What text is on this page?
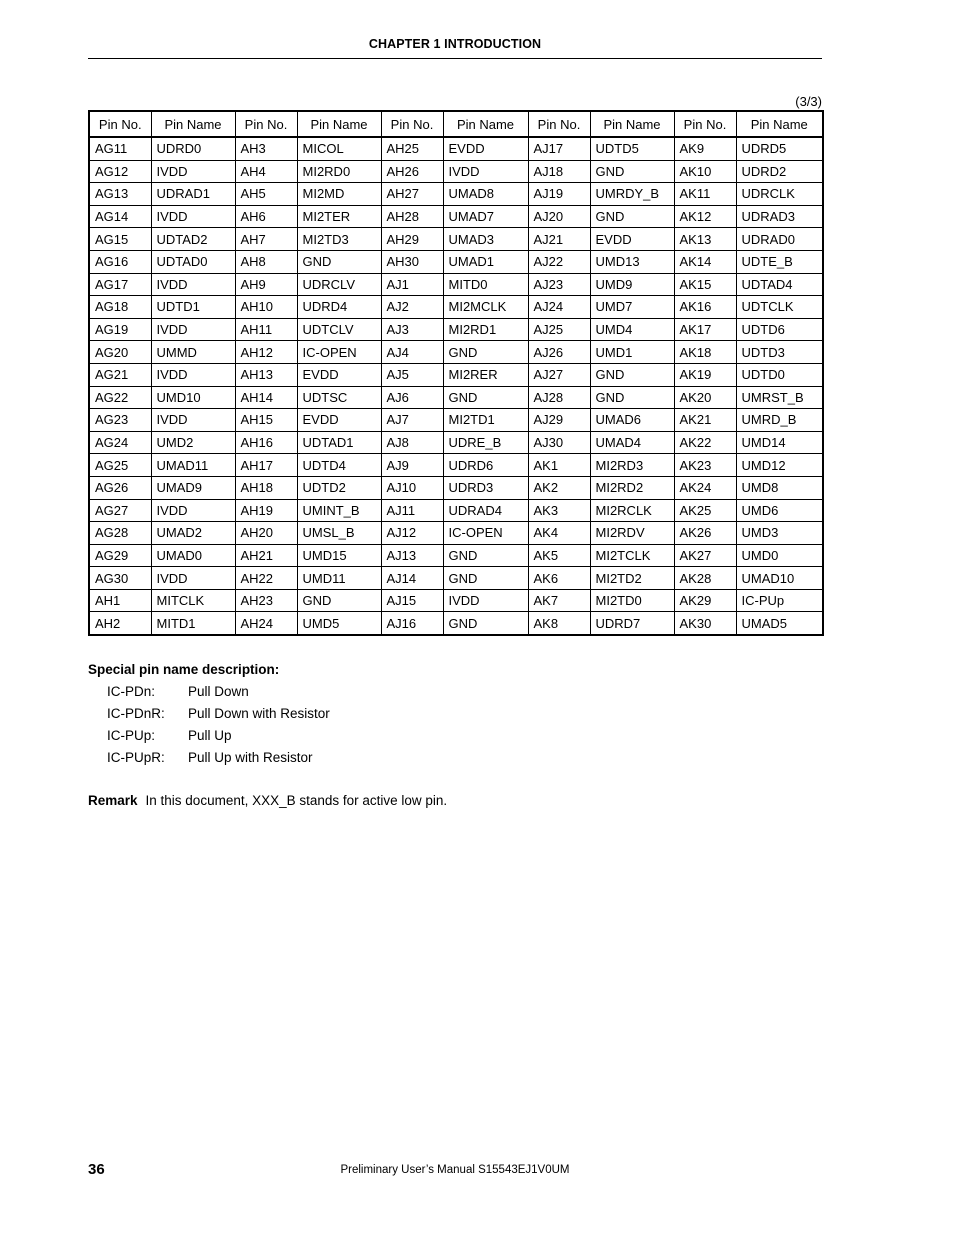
CHAPTER 1 INTRODUCTION
(3/3)
Pin No.	Pin Name	Pin No.	Pin Name	Pin No.	Pin Name	Pin No.	Pin Name	Pin No.	Pin Name
AG11	UDRD0	AH3	MICOL	AH25	EVDD	AJ17	UDTD5	AK9	UDRD5
AG12	IVDD	AH4	MI2RD0	AH26	IVDD	AJ18	GND	AK10	UDRD2
AG13	UDRAD1	AH5	MI2MD	AH27	UMAD8	AJ19	UMRDY_B	AK11	UDRCLK
AG14	IVDD	AH6	MI2TER	AH28	UMAD7	AJ20	GND	AK12	UDRAD3
AG15	UDTAD2	AH7	MI2TD3	AH29	UMAD3	AJ21	EVDD	AK13	UDRAD0
AG16	UDTAD0	AH8	GND	AH30	UMAD1	AJ22	UMD13	AK14	UDTE_B
AG17	IVDD	AH9	UDRCLV	AJ1	MITD0	AJ23	UMD9	AK15	UDTAD4
AG18	UDTD1	AH10	UDRD4	AJ2	MI2MCLK	AJ24	UMD7	AK16	UDTCLK
AG19	IVDD	AH11	UDTCLV	AJ3	MI2RD1	AJ25	UMD4	AK17	UDTD6
AG20	UMMD	AH12	IC-OPEN	AJ4	GND	AJ26	UMD1	AK18	UDTD3
AG21	IVDD	AH13	EVDD	AJ5	MI2RER	AJ27	GND	AK19	UDTD0
AG22	UMD10	AH14	UDTSC	AJ6	GND	AJ28	GND	AK20	UMRST_B
AG23	IVDD	AH15	EVDD	AJ7	MI2TD1	AJ29	UMAD6	AK21	UMRD_B
AG24	UMD2	AH16	UDTAD1	AJ8	UDRE_B	AJ30	UMAD4	AK22	UMD14
AG25	UMAD11	AH17	UDTD4	AJ9	UDRD6	AK1	MI2RD3	AK23	UMD12
AG26	UMAD9	AH18	UDTD2	AJ10	UDRD3	AK2	MI2RD2	AK24	UMD8
AG27	IVDD	AH19	UMINT_B	AJ11	UDRAD4	AK3	MI2RCLK	AK25	UMD6
AG28	UMAD2	AH20	UMSL_B	AJ12	IC-OPEN	AK4	MI2RDV	AK26	UMD3
AG29	UMAD0	AH21	UMD15	AJ13	GND	AK5	MI2TCLK	AK27	UMD0
AG30	IVDD	AH22	UMD11	AJ14	GND	AK6	MI2TD2	AK28	UMAD10
AH1	MITCLK	AH23	GND	AJ15	IVDD	AK7	MI2TD0	AK29	IC-PUp
AH2	MITD1	AH24	UMD5	AJ16	GND	AK8	UDRD7	AK30	UMAD5
Special pin name description:
IC-PDn:	Pull Down
IC-PDnR:	Pull Down with Resistor
IC-PUp:	Pull Up
IC-PUpR:	Pull Up with Resistor
Remark In this document, XXX_B stands for active low pin.
36	Preliminary User’s Manual S15543EJ1V0UM
